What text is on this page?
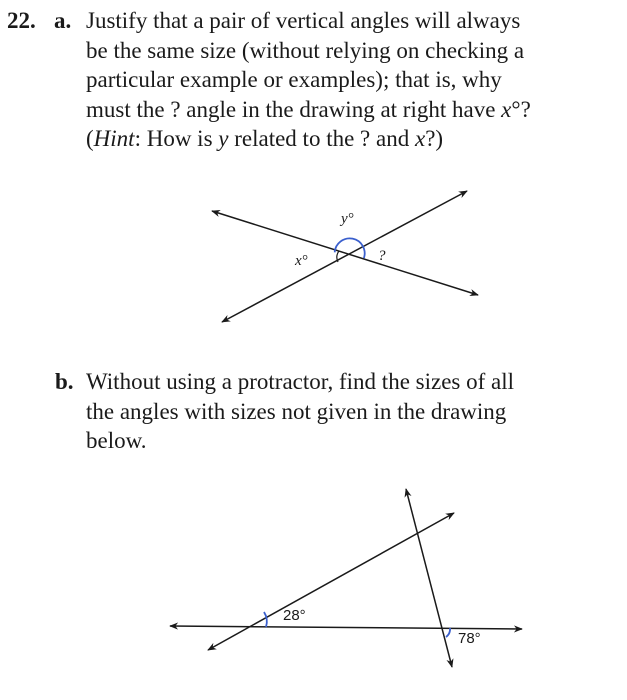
22. a. Justify that a pair of vertical angles will always
be the same size (without relying on checking a
particular example or examples); that is, why
must the ? angle in the drawing at right have x°?
(Hint: How is y related to the ? and x?)
b. Without using a protractor, find the sizes of all
the angles with sizes not given in the drawing
below.
x°
y°
?
28°
78°
